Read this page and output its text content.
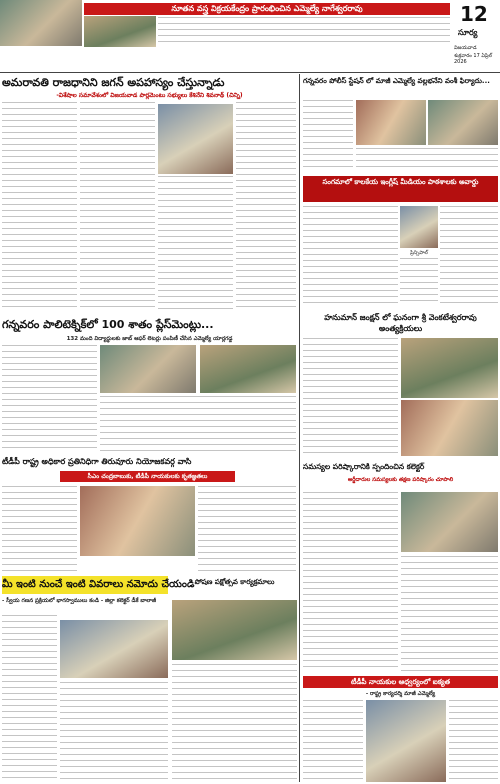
నూతన వస్త్ర విక్రయకేంద్రం ప్రారంభించిన ఎమ్మెల్యే నాగేశ్వరరావు	12
సూర్య
విజయవాడ
శుక్రవారం 17 ఏప్రిల్ 2026
అమరావతి రాజధానిని జగన్ అపహాస్యం చేస్తున్నాడు
-విశేషాల సమావేశంలో విజయవాడ పార్లమెంటు సభ్యులు కేశినేని శివనాథ్ (చిన్ని)
గన్నవరం పాలిటెక్నిక్‌లో 100 శాతం ప్లేస్‌మెంట్లు...
132 మంది విద్యార్థులకు జాబ్ ఆఫర్ లెటర్లు పంపిణీ చేసిన ఎమ్మెల్యే యార్లగడ్డ
టీడీపీ రాష్ట్ర అధికార ప్రతినిధిగా తిరువూరు నియోజకవర్గ వాసి
సీఎం చంద్రబాబుకు, టీడీపీ నాయకులకు కృతజ్ఞతలు
మీ ఇంటి నుంచే ఇంటి వివరాలు నమోదు చేయండి
- స్వీయ గణన ప్రక్రియలో భాగస్వాములు కండి - జిల్లా కలెక్టర్ డీకే బాలాజీ
పోషణ పక్షోత్సవ కార్యక్రమాలు
గన్నవరం పోలీస్ స్టేషన్ లో మాజీ ఎమ్మెల్యే వల్లభనేని వంశీ ఫిర్యాదు...
సంగమాలో కాలకేయ ఇంగ్లీష్ మీడియం పాఠశాలకు అవార్డు
ప్రిన్సిపాల్
హనుమాన్ జంక్షన్ లో ఘనంగా శ్రీ వెంకటేశ్వరరావు అంత్యక్రియలు
సమస్యల పరిష్కారానికి స్పందించిన కలెక్టర్
అర్జీదారుల సమస్యలకు తక్షణ పరిష్కారం చూపాలి
టీడీపీ నాయకుల ఆధ్వర్యంలో ఐక్యత
- రాష్ట్ర కార్యదర్శి మాజీ ఎమ్మెల్యే
